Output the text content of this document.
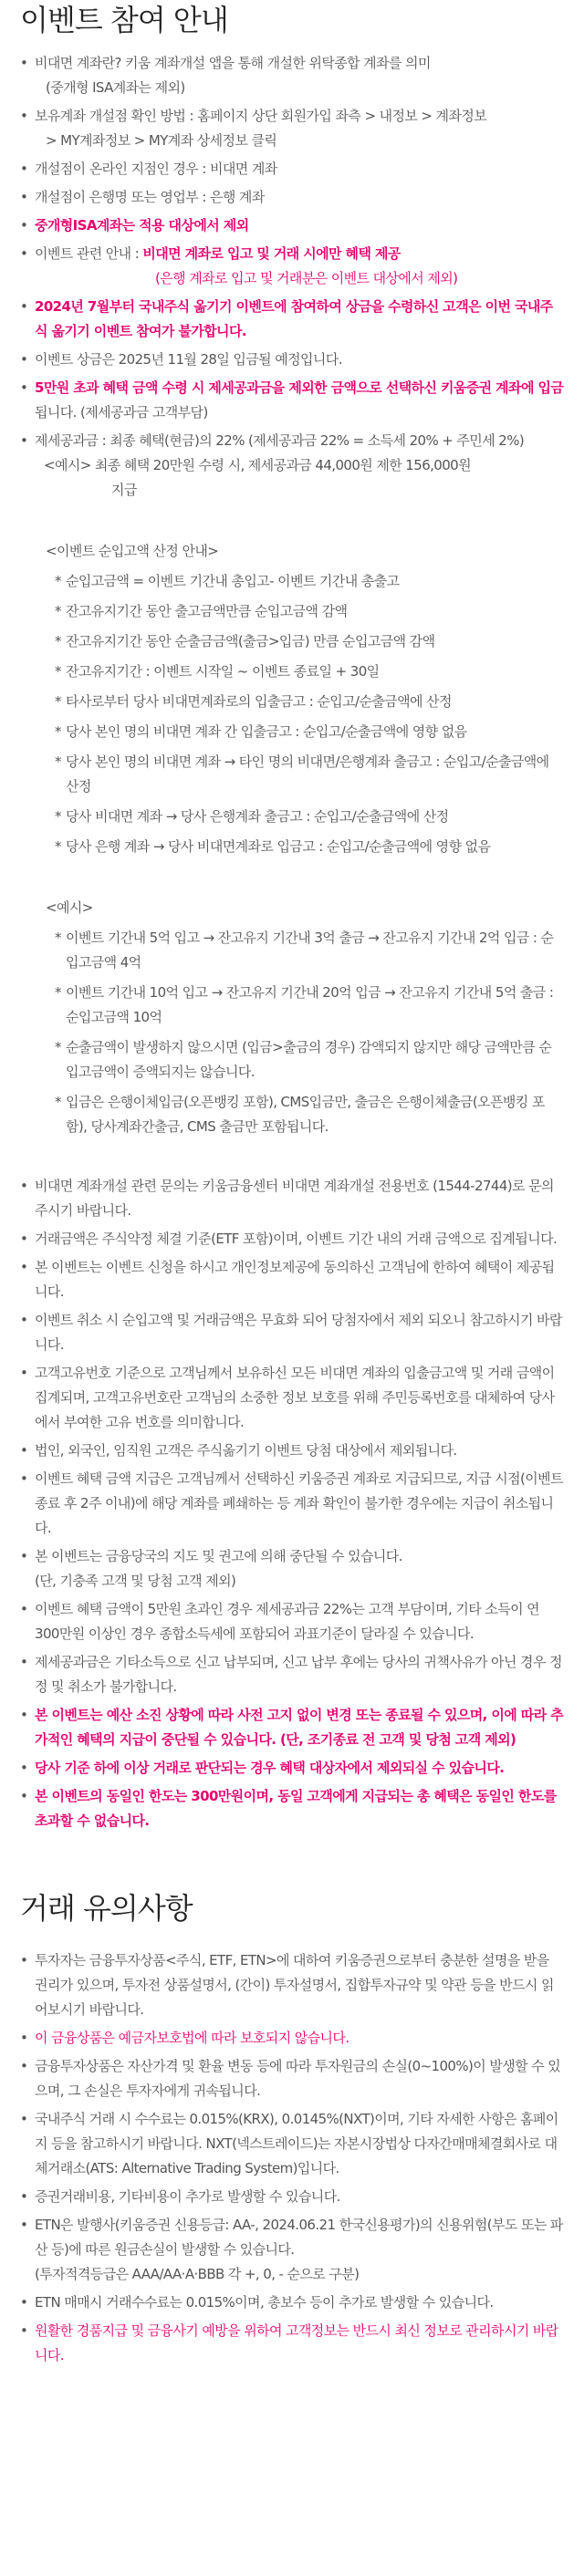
이벤트 참여 안내
• 비대면 계좌란? 키움 계좌개설 앱을 통해 개설한 위탁종합 계좌를 의미
(중개형 ISA계좌는 제외)
• 보유계좌 개설점 확인 방법 : 홈페이지 상단 회원가입 좌측 > 내정보 > 계좌정보
> MY계좌정보 > MY계좌 상세정보 클릭
• 개설점이 온라인 지점인 경우 : 비대면 계좌
• 개설점이 은행명 또는 영업부 : 은행 계좌
• 중개형ISA계좌는 적용 대상에서 제외
• 이벤트 관련 안내 : 비대면 계좌로 입고 및 거래 시에만 혜택 제공
(은행 계좌로 입고 및 거래분은 이벤트 대상에서 제외)
• 2024년 7월부터 국내주식 옮기기 이벤트에 참여하여 상금을 수령하신 고객은 이번 국내주식 옮기기 이벤트 참여가 불가합니다.
• 이벤트 상금은 2025년 11월 28일 입금될 예정입니다.
• 5만원 초과 혜택 금액 수령 시 제세공과금을 제외한 금액으로 선택하신 키움증권 계좌에 입금됩니다. (제세공과금 고객부담)
• 제세공과금 : 최종 혜택(현금)의 22% (제세공과금 22% = 소득세 20% + 주민세 2%)
<예시> 최종 혜택 20만원 수령 시, 제세공과금 44,000원 제한 156,000원
지급
<이벤트 순입고액 산정 안내>
* 순입고금액 = 이벤트 기간내 총입고- 이벤트 기간내 총출고
* 잔고유지기간 동안 출고금액만큼 순입고금액 감액
* 잔고유지기간 동안 순출금금액(출금>입금) 만큼 순입고금액 감액
* 잔고유지기간 : 이벤트 시작일 ~ 이벤트 종료일 + 30일
* 타사로부터 당사 비대면계좌로의 입출금고 : 순입고/순출금액에 산정
* 당사 본인 명의 비대면 계좌 간 입출금고 : 순입고/순출금액에 영향 없음
* 당사 본인 명의 비대면 계좌 → 타인 명의 비대면/은행계좌 출금고 : 순입고/순출금액에 산정
* 당사 비대면 계좌 → 당사 은행계좌 출금고 : 순입고/순출금액에 산정
* 당사 은행 계좌 → 당사 비대면계좌로 입금고 : 순입고/순출금액에 영향 없음
<예시>
* 이벤트 기간내 5억 입고 → 잔고유지 기간내 3억 출금 → 잔고유지 기간내 2억 입금 : 순입고금액 4억
* 이벤트 기간내 10억 입고 → 잔고유지 기간내 20억 입금 → 잔고유지 기간내 5억 출금 : 순입고금액 10억
* 순출금액이 발생하지 않으시면 (입금>출금의 경우) 감액되지 않지만 해당 금액만큼 순입고금액이 증액되지는 않습니다.
* 입금은 은행이체입금(오픈뱅킹 포함), CMS입금만, 출금은 은행이체출금(오픈뱅킹 포함), 당사계좌간출금, CMS 출금만 포함됩니다.
• 비대면 계좌개설 관련 문의는 키움금융센터 비대면 계좌개설 전용번호 (1544-2744)로 문의 주시기 바랍니다.
• 거래금액은 주식약정 체결 기준(ETF 포함)이며, 이벤트 기간 내의 거래 금액으로 집계됩니다.
• 본 이벤트는 이벤트 신청을 하시고 개인정보제공에 동의하신 고객님에 한하여 혜택이 제공됩니다.
• 이벤트 취소 시 순입고액 및 거래금액은 무효화 되어 당첨자에서 제외 되오니 참고하시기 바랍니다.
• 고객고유번호 기준으로 고객님께서 보유하신 모든 비대면 계좌의 입출금고액 및 거래 금액이 집계되며, 고객고유번호란 고객님의 소중한 정보 보호를 위해 주민등록번호를 대체하여 당사에서 부여한 고유 번호를 의미합니다.
• 법인, 외국인, 임직원 고객은 주식옮기기 이벤트 당첨 대상에서 제외됩니다.
• 이벤트 혜택 금액 지급은 고객님께서 선택하신 키움증권 계좌로 지급되므로, 지급 시점(이벤트 종료 후 2주 이내)에 해당 계좌를 폐쇄하는 등 계좌 확인이 불가한 경우에는 지급이 취소됩니다.
• 본 이벤트는 금융당국의 지도 및 권고에 의해 중단될 수 있습니다.
(단, 기충족 고객 및 당첨 고객 제외)
• 이벤트 혜택 금액이 5만원 초과인 경우 제세공과금 22%는 고객 부담이며, 기타 소득이 연 300만원 이상인 경우 종합소득세에 포함되어 과표기준이 달라질 수 있습니다.
• 제세공과금은 기타소득으로 신고 납부되며, 신고 납부 후에는 당사의 귀책사유가 아닌 경우 정정 및 취소가 불가합니다.
• 본 이벤트는 예산 소진 상황에 따라 사전 고지 없이 변경 또는 종료될 수 있으며, 이에 따라 추가적인 혜택의 지급이 중단될 수 있습니다. (단, 조기종료 전 고객 및 당첨 고객 제외)
• 당사 기준 하에 이상 거래로 판단되는 경우 혜택 대상자에서 제외되실 수 있습니다.
• 본 이벤트의 동일인 한도는 300만원이며, 동일 고객에게 지급되는 총 혜택은 동일인 한도를 초과할 수 없습니다.
거래 유의사항
• 투자자는 금융투자상품<주식, ETF, ETN>에 대하여 키움증권으로부터 충분한 설명을 받을 권리가 있으며, 투자전 상품설명서, (간이) 투자설명서, 집합투자규약 및 약관 등을 반드시 읽어보시기 바랍니다.
• 이 금융상품은 예금자보호법에 따라 보호되지 않습니다.
• 금융투자상품은 자산가격 및 환율 변동 등에 따라 투자원금의 손실(0~100%)이 발생할 수 있으며, 그 손실은 투자자에게 귀속됩니다.
• 국내주식 거래 시 수수료는 0.015%(KRX), 0.0145%(NXT)이며, 기타 자세한 사항은 홈페이지 등을 참고하시기 바랍니다. NXT(넥스트레이드)는 자본시장법상 다자간매매체결회사로 대체거래소(ATS: Alternative Trading System)입니다.
• 증권거래비용, 기타비용이 추가로 발생할 수 있습니다.
• ETN은 발행사(키움증권 신용등급: AA-, 2024.06.21 한국신용평가)의 신용위험(부도 또는 파산 등)에 따른 원금손실이 발생할 수 있습니다.
(투자적격등급은 AAA/AA·A·BBB 각 +, 0, - 순으로 구분)
• ETN 매매시 거래수수료는 0.015%이며, 총보수 등이 추가로 발생할 수 있습니다.
• 원활한 경품지급 및 금융사기 예방을 위하여 고객정보는 반드시 최신 정보로 관리하시기 바랍니다.
